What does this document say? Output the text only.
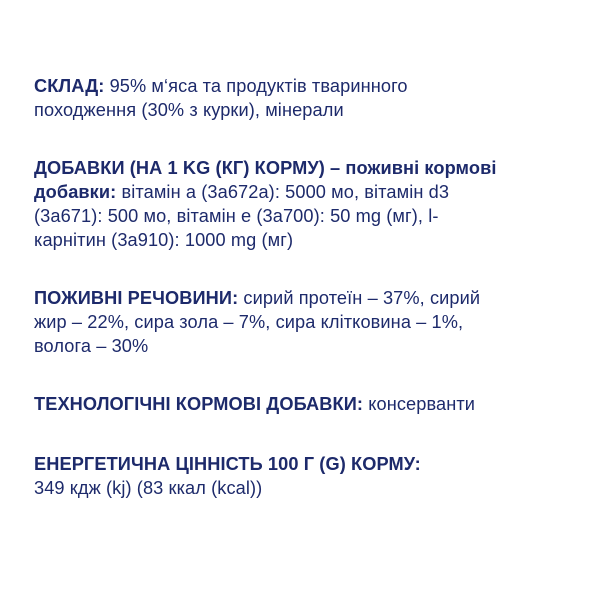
СКЛАД: 95% м‘яса та продуктів тваринного
походження (30% з курки), мінерали
ДОБАВКИ (НА 1 KG (КГ) КОРМУ) – поживні кормові
добавки: вітамін а (3а672а): 5000 мо, вітамін d3
(3а671): 500 мо, вітамін е (3а700): 50 mg (мг), l-
карнітин (3а910): 1000 mg (мг)
ПОЖИВНІ РЕЧОВИНИ: сирий протеїн – 37%, сирий
жир – 22%, сира зола – 7%, сира клітковина – 1%,
волога – 30%
ТЕХНОЛОГІЧНІ КОРМОВІ ДОБАВКИ: консерванти
ЕНЕРГЕТИЧНА ЦІННІСТЬ 100 Г (G) КОРМУ:
349 кдж (kj) (83 ккал (kcal))
